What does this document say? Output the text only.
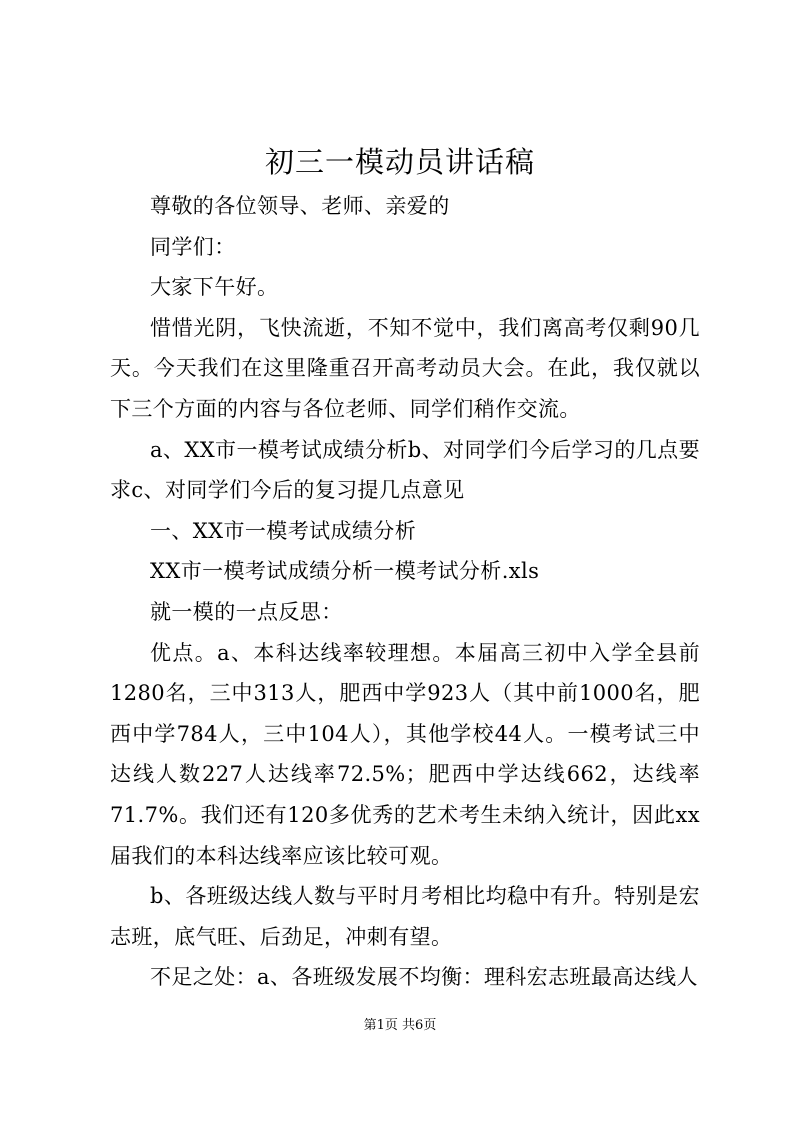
初三一模动员讲话稿

尊敬的各位领导、老师、亲爱的

同学们：

大家下午好。

惜惜光阴，飞快流逝，不知不觉中，我们离高考仅剩90几天。今天我们在这里隆重召开高考动员大会。在此，我仅就以下三个方面的内容与各位老师、同学们稍作交流。

a、XX市一模考试成绩分析b、对同学们今后学习的几点要求c、对同学们今后的复习提几点意见

一、XX市一模考试成绩分析

XX市一模考试成绩分析一模考试分析.xls

就一模的一点反思：

优点。a、本科达线率较理想。本届高三初中入学全县前1280名，三中313人，肥西中学923人（其中前1000名，肥西中学784人，三中104人），其他学校44人。一模考试三中达线人数227人达线率72.5%；肥西中学达线662，达线率71.7%。我们还有120多优秀的艺术考生未纳入统计，因此xx届我们的本科达线率应该比较可观。

b、各班级达线人数与平时月考相比均稳中有升。特别是宏志班，底气旺、后劲足，冲刺有望。

不足之处：a、各班级发展不均衡：理科宏志班最高达线人

第1页 共6页
